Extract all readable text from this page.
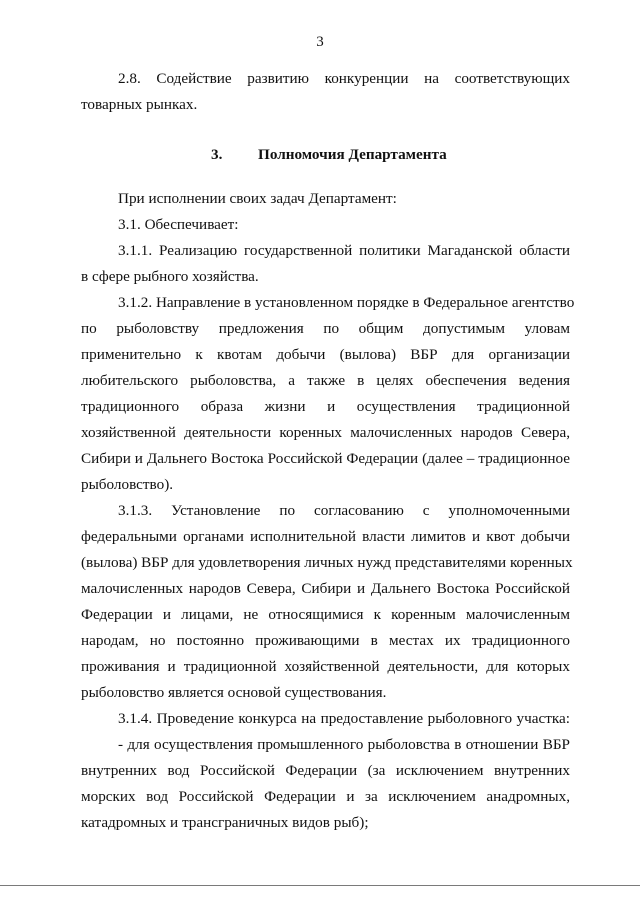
3
2.8. Содействие развитию конкуренции на соответствующих
товарных рынках.
3. Полномочия Департамента
При исполнении своих задач Департамент:
3.1. Обеспечивает:
3.1.1. Реализацию государственной политики Магаданской области
в сфере рыбного хозяйства.
3.1.2. Направление в установленном порядке в Федеральное агентство
по рыболовству предложения по общим допустимым уловам
применительно к квотам добычи (вылова) ВБР для организации
любительского рыболовства, а также в целях обеспечения ведения
традиционного образа жизни и осуществления традиционной
хозяйственной деятельности коренных малочисленных народов Севера,
Сибири и Дальнего Востока Российской Федерации (далее – традиционное
рыболовство).
3.1.3. Установление по согласованию с уполномоченными
федеральными органами исполнительной власти лимитов и квот добычи
(вылова) ВБР для удовлетворения личных нужд представителями коренных
малочисленных народов Севера, Сибири и Дальнего Востока Российской
Федерации и лицами, не относящимися к коренным малочисленным
народам, но постоянно проживающими в местах их традиционного
проживания и традиционной хозяйственной деятельности, для которых
рыболовство является основой существования.
3.1.4. Проведение конкурса на предоставление рыболовного участка:
- для осуществления промышленного рыболовства в отношении ВБР
внутренних вод Российской Федерации (за исключением внутренних
морских вод Российской Федерации и за исключением анадромных,
катадромных и трансграничных видов рыб);
